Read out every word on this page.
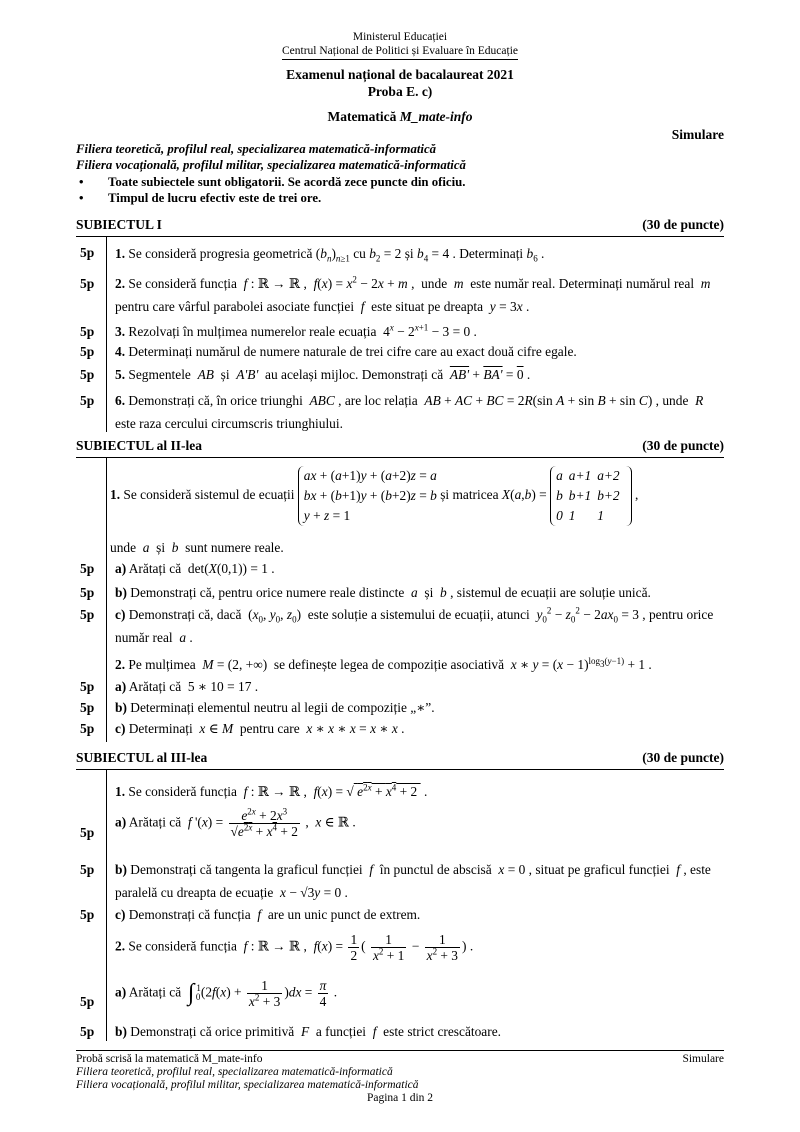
Ministerul Educației
Centrul Național de Politici și Evaluare în Educație
Examenul național de bacalaureat 2021
Proba E. c)
Matematică M_mate-info
Simulare
Filiera teoretică, profilul real, specializarea matematică-informatică
Filiera vocațională, profilul militar, specializarea matematică-informatică
• Toate subiectele sunt obligatorii. Se acordă zece puncte din oficiu.
• Timpul de lucru efectiv este de trei ore.
SUBIECTUL I	(30 de puncte)
5p 1. Se consideră progresia geometrică $(b_n)_{n\ge 1}$ cu $b_2 = 2$ și $b_4 = 4$ . Determinați $b_6$ .
5p 2. Se consideră funcția  f : ℝ → ℝ ,  $f(x) = x^2 - 2x + m$ ,  unde  m  este număr real. Determinați numărul real  m  pentru care vârful parabolei asociate funcției  f  este situat pe dreapta  y = 3x .
5p 3. Rezolvați în mulțimea numerelor reale ecuația  $4^x - 2^{x+1} - 3 = 0$ .
5p 4. Determinați numărul de numere naturale de trei cifre care au exact două cifre egale.
5p 5. Segmentele  AB  și  A'B'  au același mijloc. Demonstrați că  AB' + BA' = 0 .
5p 6. Demonstrați că, în orice triunghi  ABC , are loc relația  AB + AC + BC = 2R(sin A + sin B + sin C) , unde  R  este raza cercului circumscris triunghiului.
SUBIECTUL al II-lea	(30 de puncte)
1. Se consideră sistemul de ecuații ax + (a+1)y + (a+2)z = a
bx + (b+1)y + (b+2)z = b
y + z = 1 și matricea X(a,b) =
a	a+1	a+2
b	b+1	b+2
0	1	1
,
unde  a  și  b  sunt numere reale.
5p a) Arătați că  det(X(0,1)) = 1 .
5p b) Demonstrați că, pentru orice numere reale distincte  a  și  b , sistemul de ecuații are soluție unică.
5p c) Demonstrați că, dacă  ($x_0$, $y_0$, $z_0$)  este soluție a sistemului de ecuații, atunci  $y_0^2 - z_0^2 - 2ax_0 = 3$ , pentru orice număr real  a .
2. Pe mulțimea  M = (2, +∞)  se definește legea de compoziție asociativă  x ∗ $y = (x - 1)^{log_3(y-1)} + 1$ .
5p a) Arătați că  5 ∗ 10 = 17 .
5p b) Determinați elementul neutru al legii de compoziție „∗”.
5p c) Determinați  x ∈ M  pentru care  x ∗ x ∗ x = x ∗ x .
SUBIECTUL al III-lea	(30 de puncte)
1. Se consideră funcția  f : ℝ → ℝ ,  f(x) = √ $e^{2x} + x^4 + 2$  .
5p
a) Arătați că  f '$(x) = \frac{e^{2x} + 2x^3}{√e^{2x} + x^4 + 2}$ ,  x ∈ ℝ .
5p b) Demonstrați că tangenta la graficul funcției  f  în punctul de abscisă  x = 0 , situat pe graficul funcției  f , este paralelă cu dreapta de ecuație  x − √3y = 0 .
5p c) Demonstrați că funcția  f  are un unic punct de extrem.
2. Se consideră funcția  f : ℝ → ℝ ,  $f(x) = \frac{1}{2}$ ( $\frac{1}{x^2 + 1} - \frac{1}{x^2 + 3}$ ) .
5p
a) Arătați că  $\int_0^1(2f(x) + \frac{1}{x^2 + 3} )dx = \frac{\pi}{4}$ .
5p b) Demonstrați că orice primitivă  F  a funcției  f  este strict crescătoare.
Probă scrisă la matematică M_mate-info	Simulare
Filiera teoretică, profilul real, specializarea matematică-informatică
Filiera vocațională, profilul militar, specializarea matematică-informatică
Pagina 1 din 2
